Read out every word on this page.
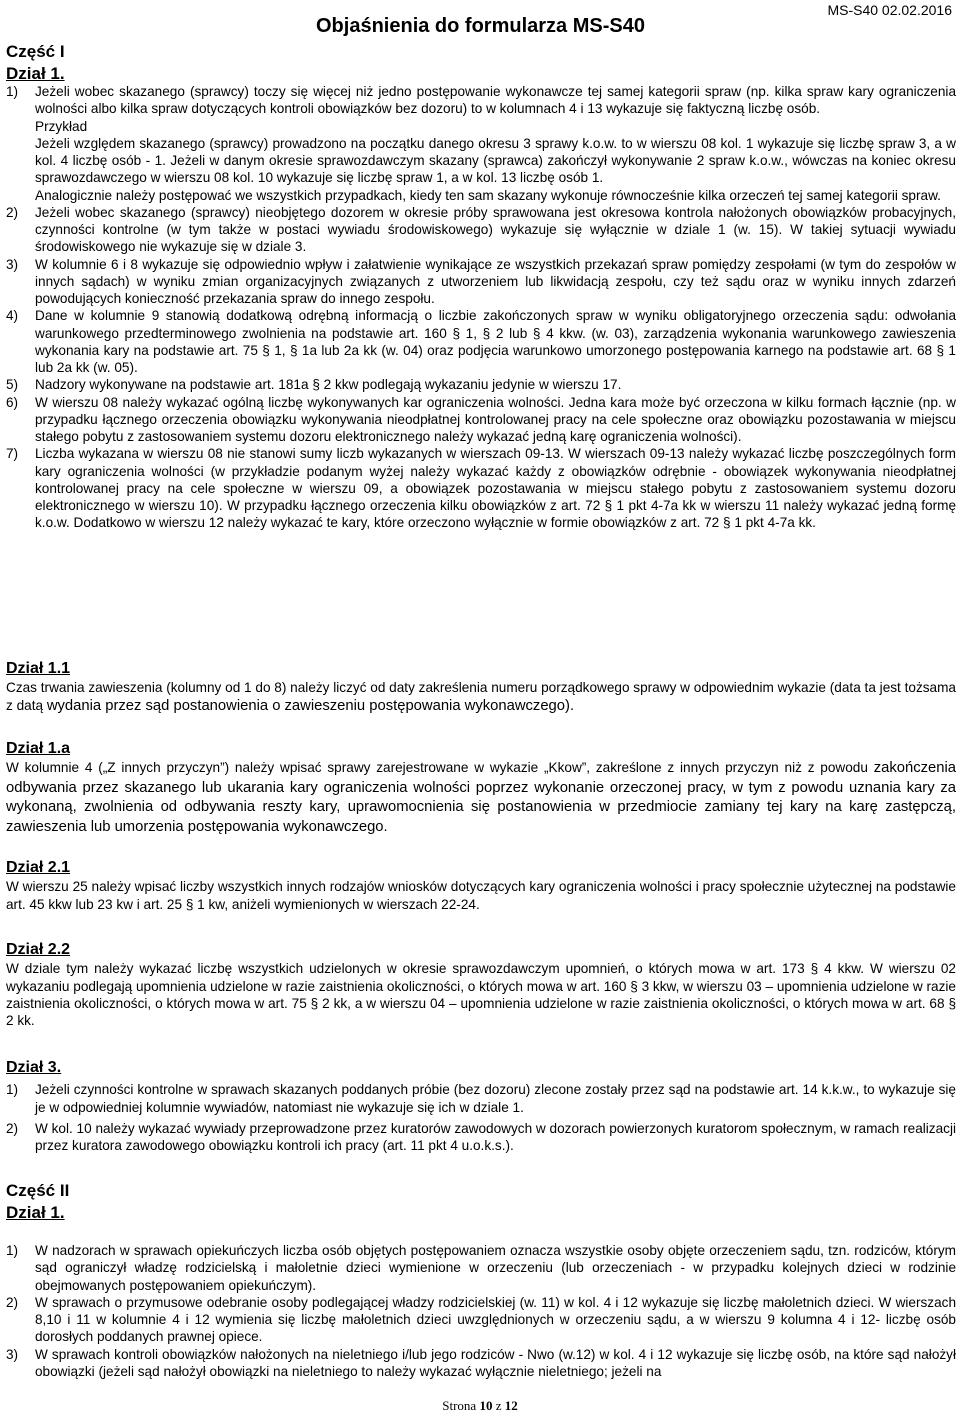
MS-S40 02.02.2016
Objaśnienia do formularza MS-S40
Część I
Dział 1.
1) Jeżeli wobec skazanego (sprawcy) toczy się więcej niż jedno postępowanie wykonawcze tej samej kategorii spraw (np. kilka spraw kary ograniczenia wolności albo kilka spraw dotyczących kontroli obowiązków bez dozoru) to w kolumnach 4 i 13 wykazuje się faktyczną liczbę osób.
Przykład
Jeżeli względem skazanego (sprawcy) prowadzono na początku danego okresu 3 sprawy k.o.w. to w wierszu 08 kol. 1 wykazuje się liczbę spraw 3, a w kol. 4 liczbę osób - 1. Jeżeli w danym okresie sprawozdawczym skazany (sprawca) zakończył wykonywanie 2 spraw k.o.w., wówczas na koniec okresu sprawozdawczego w wierszu 08 kol. 10 wykazuje się liczbę spraw 1, a w kol. 13 liczbę osób 1.
Analogicznie należy postępować we wszystkich przypadkach, kiedy ten sam skazany wykonuje równocześnie kilka orzeczeń tej samej kategorii spraw.
2) Jeżeli wobec skazanego (sprawcy) nieobjętego dozorem w okresie próby sprawowana jest okresowa kontrola nałożonych obowiązków probacyjnych, czynności kontrolne (w tym także w postaci wywiadu środowiskowego) wykazuje się wyłącznie w dziale 1 (w. 15). W takiej sytuacji wywiadu środowiskowego nie wykazuje się w dziale 3.
3) W kolumnie 6 i 8 wykazuje się odpowiednio wpływ i załatwienie wynikające ze wszystkich przekazań spraw pomiędzy zespołami (w tym do zespołów w innych sądach) w wyniku zmian organizacyjnych związanych z utworzeniem lub likwidacją zespołu, czy też sądu oraz w wyniku innych zdarzeń powodujących konieczność przekazania spraw do innego zespołu.
4) Dane w kolumnie 9 stanowią dodatkową odrębną informacją o liczbie zakończonych spraw w wyniku obligatoryjnego orzeczenia sądu: odwołania warunkowego przedterminowego zwolnienia na podstawie art. 160 § 1, § 2 lub § 4 kkw. (w. 03), zarządzenia wykonania warunkowego zawieszenia wykonania kary na podstawie art. 75 § 1, § 1a lub 2a kk (w. 04) oraz podjęcia warunkowo umorzonego postępowania karnego na podstawie art. 68 § 1 lub 2a kk (w. 05).
5) Nadzory wykonywane na podstawie art. 181a § 2 kkw podlegają wykazaniu jedynie w wierszu 17.
6) W wierszu 08 należy wykazać ogólną liczbę wykonywanych kar ograniczenia wolności. Jedna kara może być orzeczona w kilku formach łącznie (np. w przypadku łącznego orzeczenia obowiązku wykonywania nieodpłatnej kontrolowanej pracy na cele społeczne oraz obowiązku pozostawania w miejscu stałego pobytu z zastosowaniem systemu dozoru elektronicznego należy wykazać jedną karę ograniczenia wolności).
7) Liczba wykazana w wierszu 08 nie stanowi sumy liczb wykazanych w wierszach 09-13. W wierszach 09-13 należy wykazać liczbę poszczególnych form kary ograniczenia wolności (w przykładzie podanym wyżej należy wykazać każdy z obowiązków odrębnie - obowiązek wykonywania nieodpłatnej kontrolowanej pracy na cele społeczne w wierszu 09, a obowiązek pozostawania w miejscu stałego pobytu z zastosowaniem systemu dozoru elektronicznego w wierszu 10). W przypadku łącznego orzeczenia kilku obowiązków z art. 72 § 1 pkt 4-7a kk w wierszu 11 należy wykazać jedną formę k.o.w. Dodatkowo w wierszu 12 należy wykazać te kary, które orzeczono wyłącznie w formie obowiązków z art. 72 § 1 pkt 4-7a kk.
Dział 1.1

Czas trwania zawieszenia (kolumny od 1 do 8) należy liczyć od daty zakreślenia numeru porządkowego sprawy w odpowiednim wykazie (data ta jest tożsama z datą wydania przez sąd postanowienia o zawieszeniu postępowania wykonawczego).

Dział 1.a

W kolumnie 4 („Z innych przyczyn”) należy wpisać sprawy zarejestrowane w wykazie „Kkow”, zakreślone z innych przyczyn niż z powodu zakończenia odbywania przez skazanego lub ukarania kary ograniczenia wolności poprzez wykonanie orzeczonej pracy, w tym z powodu uznania kary za wykonaną, zwolnienia od odbywania reszty kary, uprawomocnienia się postanowienia w przedmiocie zamiany tej kary na karę zastępczą, zawieszenia lub umorzenia postępowania wykonawczego.

Dział 2.1

W wierszu 25 należy wpisać liczby wszystkich innych rodzajów wniosków dotyczących kary ograniczenia wolności i pracy społecznie użytecznej na podstawie art. 45 kkw lub 23 kw i art. 25 § 1 kw, aniżeli wymienionych w wierszach 22-24.

Dział 2.2

W dziale tym należy wykazać liczbę wszystkich udzielonych w okresie sprawozdawczym upomnień, o których mowa w art. 173 § 4 kkw. W wierszu 02 wykazaniu podlegają upomnienia udzielone w razie zaistnienia okoliczności, o których mowa w art. 160 § 3 kkw, w wierszu 03 – upomnienia udzielone w razie zaistnienia okoliczności, o których mowa w art. 75 § 2 kk, a w wierszu 04 – upomnienia udzielone w razie zaistnienia okoliczności, o których mowa w art. 68 § 2 kk.

Dział 3.
1) Jeżeli czynności kontrolne w sprawach skazanych poddanych próbie (bez dozoru) zlecone zostały przez sąd na podstawie art. 14 k.k.w., to wykazuje się je w odpowiedniej kolumnie wywiadów, natomiast nie wykazuje się ich w dziale 1.
2) W kol. 10 należy wykazać wywiady przeprowadzone przez kuratorów zawodowych w dozorach powierzonych kuratorom społecznym, w ramach realizacji przez kuratora zawodowego obowiązku kontroli ich pracy (art. 11 pkt 4 u.o.k.s.).
Część II
Dział 1.
1) W nadzorach w sprawach opiekuńczych liczba osób objętych postępowaniem oznacza wszystkie osoby objęte orzeczeniem sądu, tzn. rodziców, którym sąd ograniczył władzę rodzicielską i małoletnie dzieci wymienione w orzeczeniu (lub orzeczeniach - w przypadku kolejnych dzieci w rodzinie obejmowanych postępowaniem opiekuńczym).
2) W sprawach o przymusowe odebranie osoby podlegającej władzy rodzicielskiej (w. 11) w kol. 4 i 12 wykazuje się liczbę małoletnich dzieci. W wierszach 8,10 i 11 w kolumnie 4 i 12 wymienia się liczbę małoletnich dzieci uwzględnionych w orzeczeniu sądu, a w wierszu 9 kolumna 4 i 12- liczbę osób dorosłych poddanych prawnej opiece.
3) W sprawach kontroli obowiązków nałożonych na nieletniego i/lub jego rodziców - Nwo (w.12) w kol. 4 i 12 wykazuje się liczbę osób, na które sąd nałożył obowiązki (jeżeli sąd nałożył obowiązki na nieletniego to należy wykazać wyłącznie nieletniego; jeżeli na
Strona 10 z 12
